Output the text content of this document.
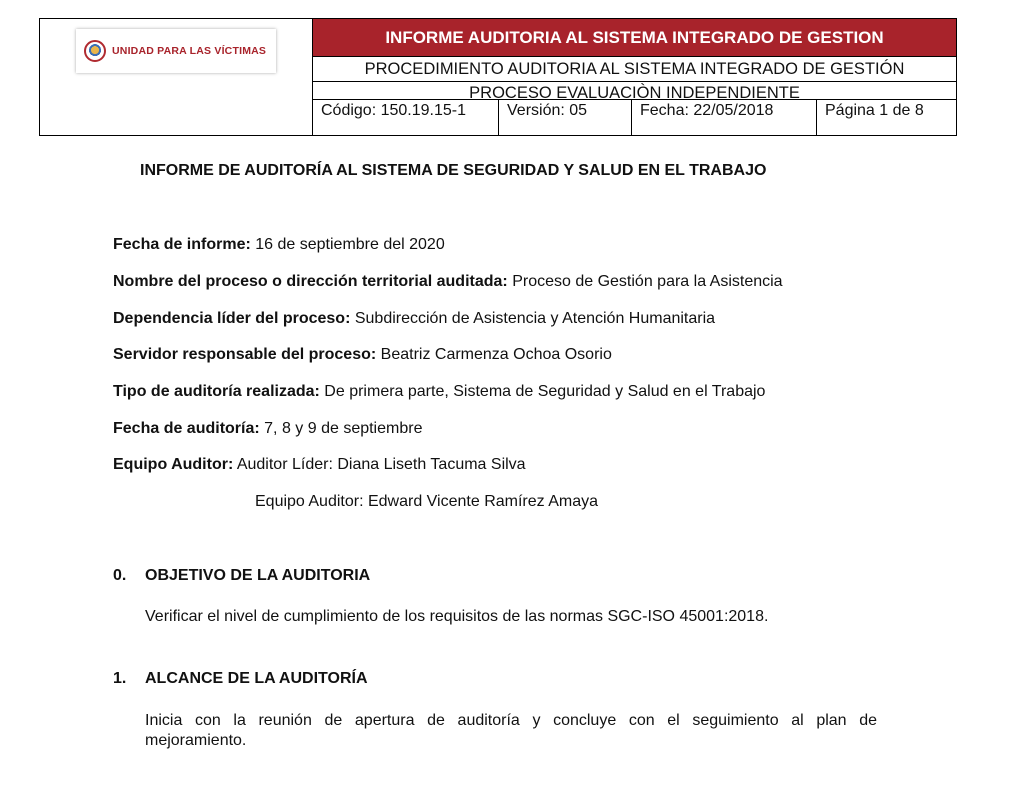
UNIDAD PARA LAS VÍCTIMAS
INFORME AUDITORIA AL SISTEMA INTEGRADO DE GESTION
PROCEDIMIENTO AUDITORIA AL SISTEMA INTEGRADO DE GESTIÓN
PROCESO EVALUACIÒN INDEPENDIENTE
Código: 150.19.15-1	Versión: 05	Fecha: 22/05/2018	Página 1 de 8
INFORME DE AUDITORÍA AL SISTEMA DE SEGURIDAD Y SALUD EN EL TRABAJO
Fecha de informe: 16 de septiembre del 2020
Nombre del proceso o dirección territorial auditada: Proceso de Gestión para la Asistencia
Dependencia líder del proceso: Subdirección de Asistencia y Atención Humanitaria
Servidor responsable del proceso: Beatriz Carmenza Ochoa Osorio
Tipo de auditoría realizada: De primera parte, Sistema de Seguridad y Salud en el Trabajo
Fecha de auditoría: 7, 8 y 9 de septiembre
Equipo Auditor: Auditor Líder: Diana Liseth Tacuma Silva
Equipo Auditor: Edward Vicente Ramírez Amaya
0. OBJETIVO DE LA AUDITORIA
Verificar el nivel de cumplimiento de los requisitos de las normas SGC-ISO 45001:2018.
1. ALCANCE DE LA AUDITORÍA
Inicia con la reunión de apertura de auditoría y concluye con el seguimiento al plan de
mejoramiento.
